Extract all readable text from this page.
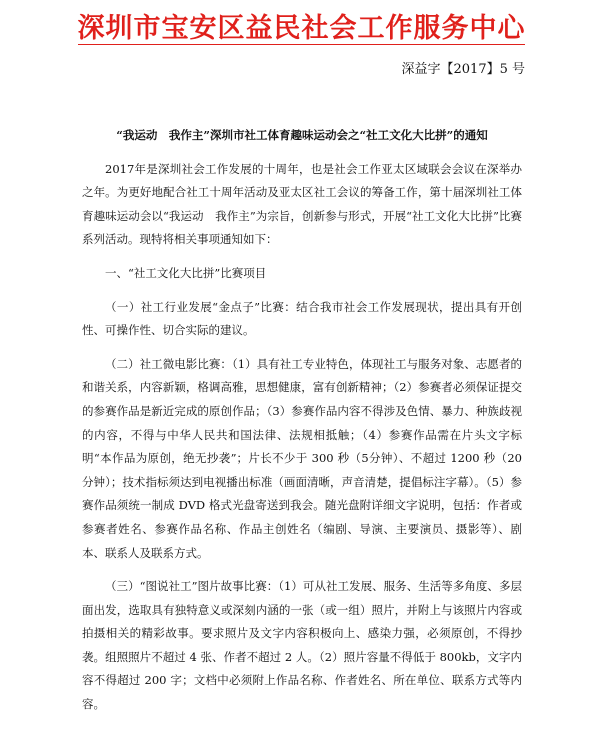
深圳市宝安区益民社会工作服务中心
深益字【2017】5 号

“我运动　我作主”深圳市社工体育趣味运动会之“社工文化大比拼”的通知

2017年是深圳社会工作发展的十周年，也是社会工作亚太区域联会会议在深举办之年。为更好地配合社工十周年活动及亚太区社工会议的筹备工作，第十届深圳社工体育趣味运动会以“我运动　我作主”为宗旨，创新参与形式，开展“社工文化大比拼”比赛系列活动。现特将相关事项通知如下：

一、“社工文化大比拼”比赛项目

（一）社工行业发展“金点子”比赛：结合我市社会工作发展现状，提出具有开创性、可操作性、切合实际的建议。

（二）社工微电影比赛：（1）具有社工专业特色，体现社工与服务对象、志愿者的和谐关系，内容新颖，格调高雅，思想健康，富有创新精神；（2）参赛者必须保证提交的参赛作品是新近完成的原创作品；（3）参赛作品内容不得涉及色情、暴力、种族歧视的内容，不得与中华人民共和国法律、法规相抵触；（4）参赛作品需在片头文字标明“本作品为原创，绝无抄袭”；片长不少于 300 秒（5分钟）、不超过 1200 秒（20 分钟）；技术指标须达到电视播出标准（画面清晰，声音清楚，提倡标注字幕）。（5）参赛作品须统一制成 DVD 格式光盘寄送到我会。随光盘附详细文字说明，包括：作者或参赛者姓名、参赛作品名称、作品主创姓名（编剧、导演、主要演员、摄影等）、剧本、联系人及联系方式。

（三）“图说社工”图片故事比赛：（1）可从社工发展、服务、生活等多角度、多层面出发，选取具有独特意义或深刻内涵的一张（或一组）照片，并附上与该照片内容或拍摄相关的精彩故事。要求照片及文字内容积极向上、感染力强，必须原创，不得抄袭。组照照片不超过 4 张、作者不超过 2 人。（2）照片容量不得低于 800kb，文字内容不得超过 200 字；文档中必须附上作品名称、作者姓名、所在单位、联系方式等内容。
